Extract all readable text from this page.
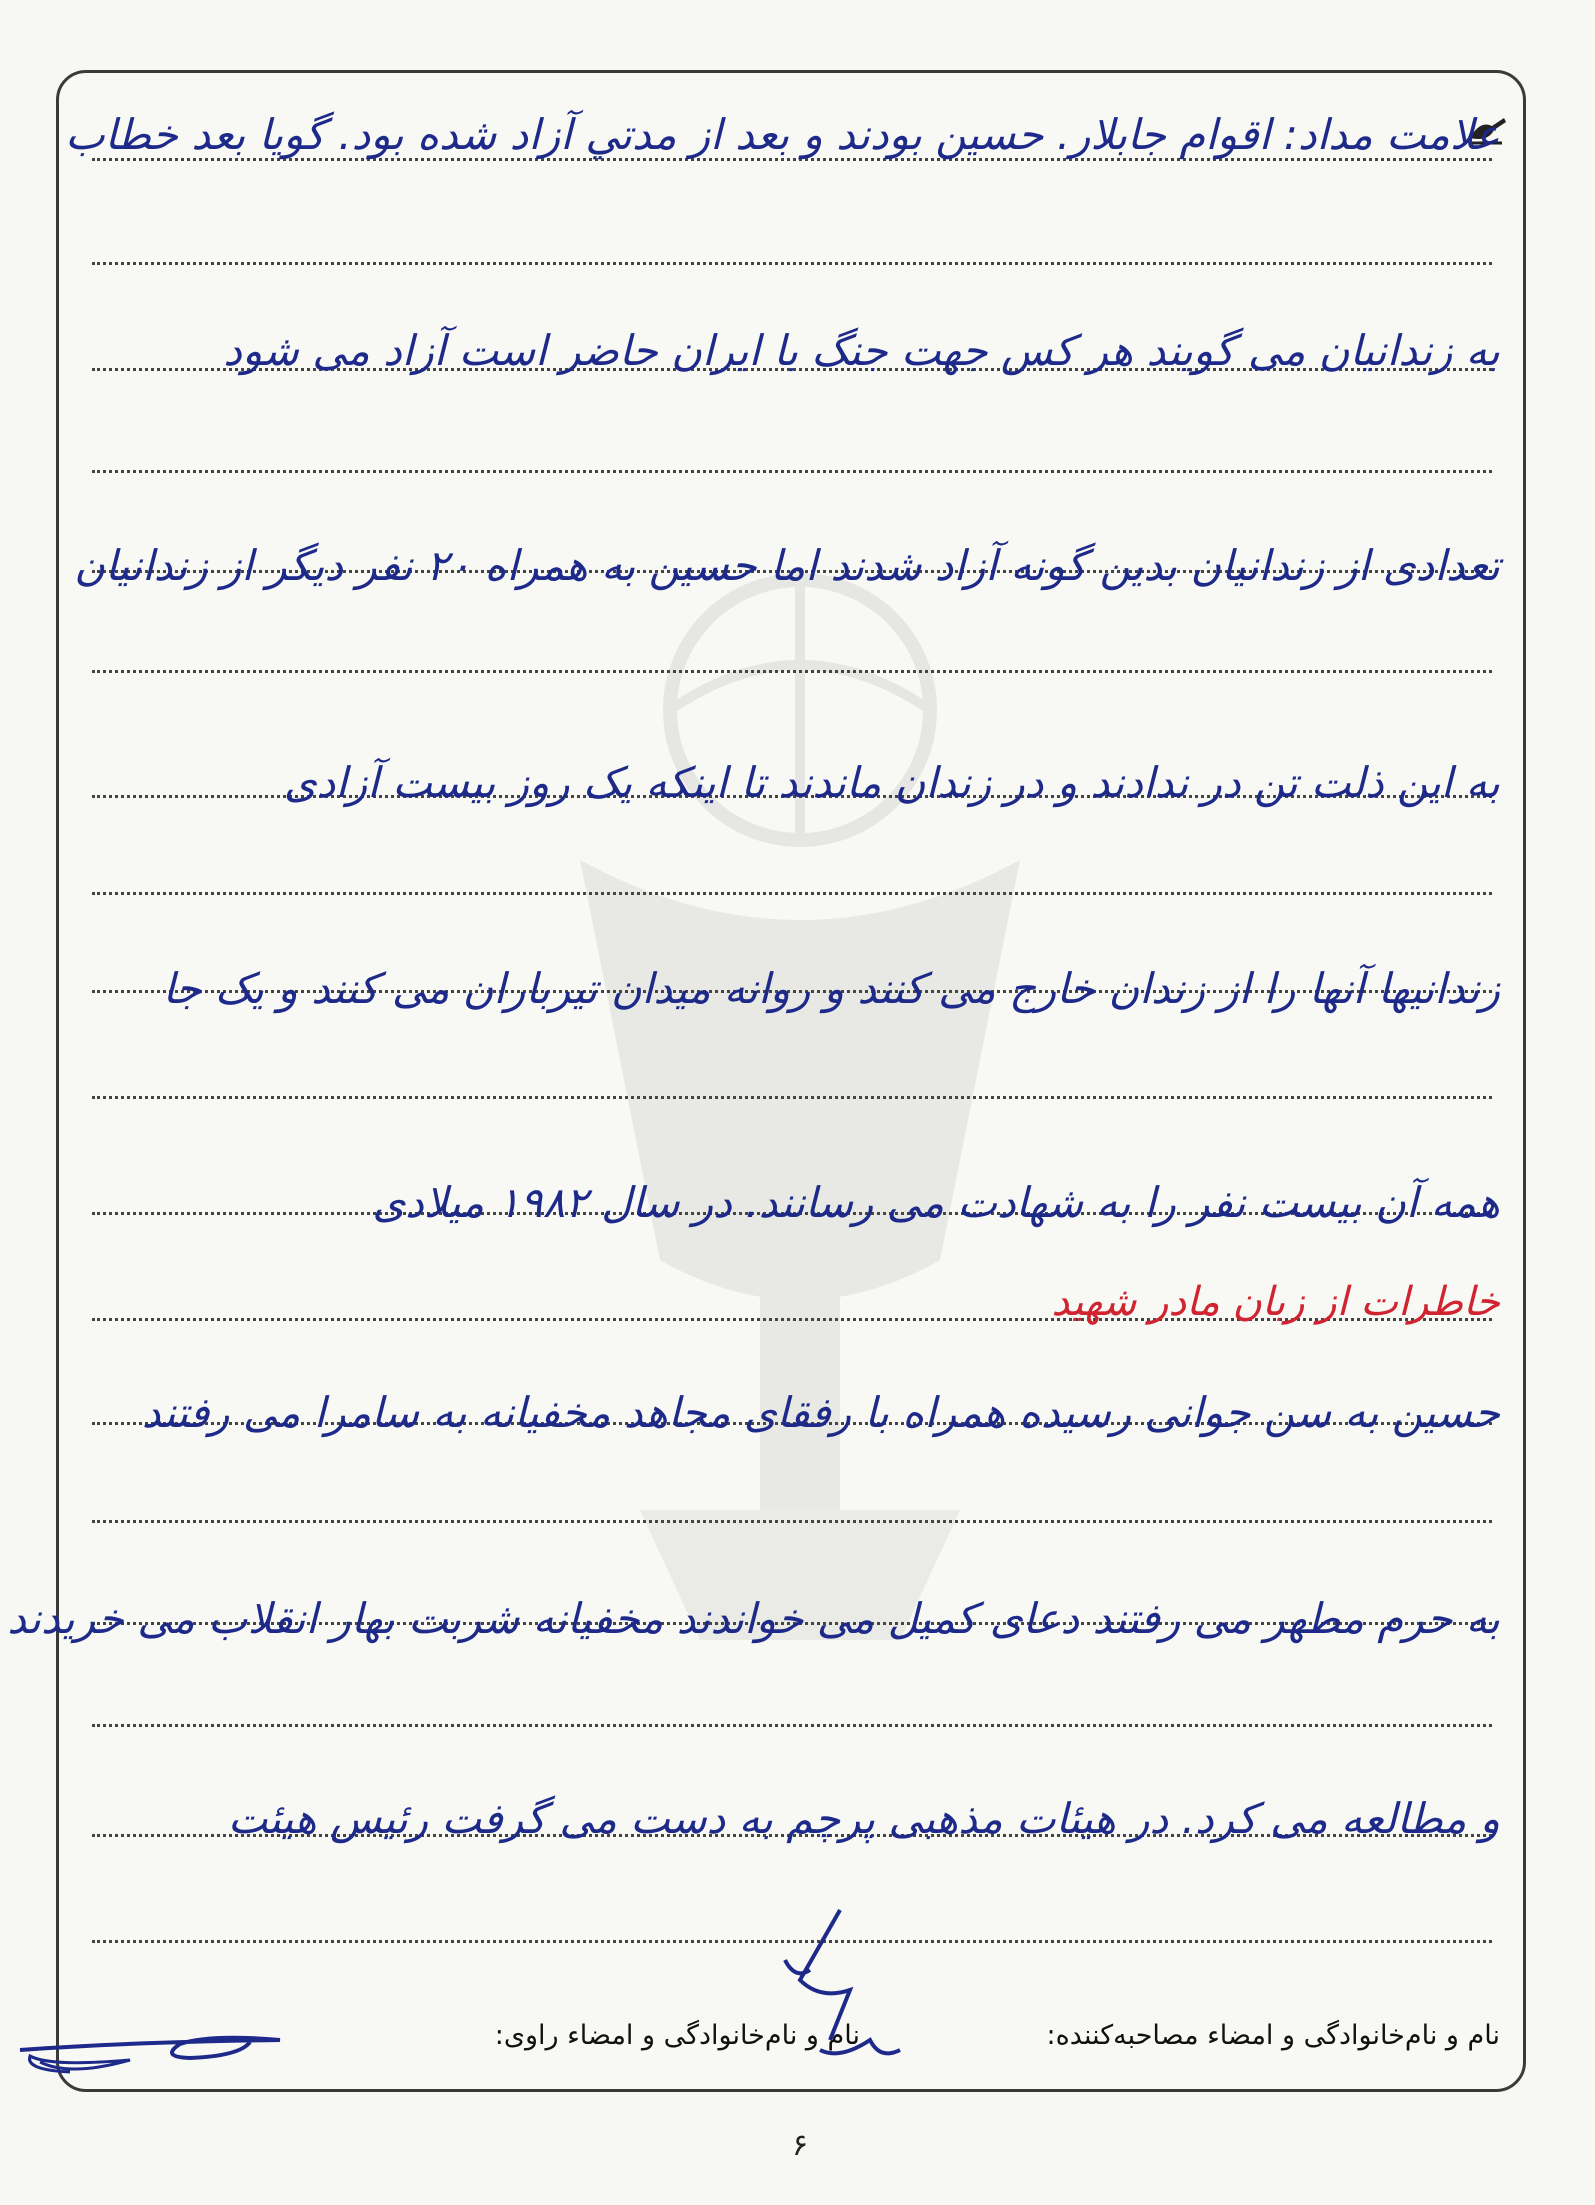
ﻋﻼﻣﺖ ﻣﺪاد: اﻗﻮام ﺟﺎﺑﻠﺎر. ﺣﺴﻴﻦ ﺑﻮدﻧﺪ و ﺑﻌﺪ از ﻣﺪﺗﻲ آزاد ﺷﺪه ﺑﻮد. ﮔﻮﻳﺎ ﺑﻌﺪ ﺧﻄﺎب
به زندانیان می گویند هر کس جهت جنگ با ایران حاضر است آزاد می شود
تعدادی از زندانیان بدین گونه آزاد شدند اما حسین به همراه ۲۰ نفر دیگر از زندانیان
به این ذلت تن در ندادند و در زندان ماندند تا اینکه یک روز بیست آزادی
زندانیها آنها را از زندان خارج می کنند و روانه میدان تیرباران می کنند و یک جا
همه آن بیست نفر را به شهادت می رسانند. در سال ۱۹۸۲ میلادی
خاطرات از زبان مادر شهید
حسین به سن جوانی رسیده همراه با رفقای مجاهد مخفیانه به سامرا می رفتند
به حرم مطهر می رفتند دعای کمیل می خواندند مخفیانه شربت بهار انقلاب می خریدند
و مطالعه می کرد. در هیئات مذهبی پرچم به دست می گرفت رئیس هیئت
نام و نام‌خانوادگی و امضاء مصاحبه‌کننده:
نام و نام‌خانوادگی و امضاء راوی:
۶
